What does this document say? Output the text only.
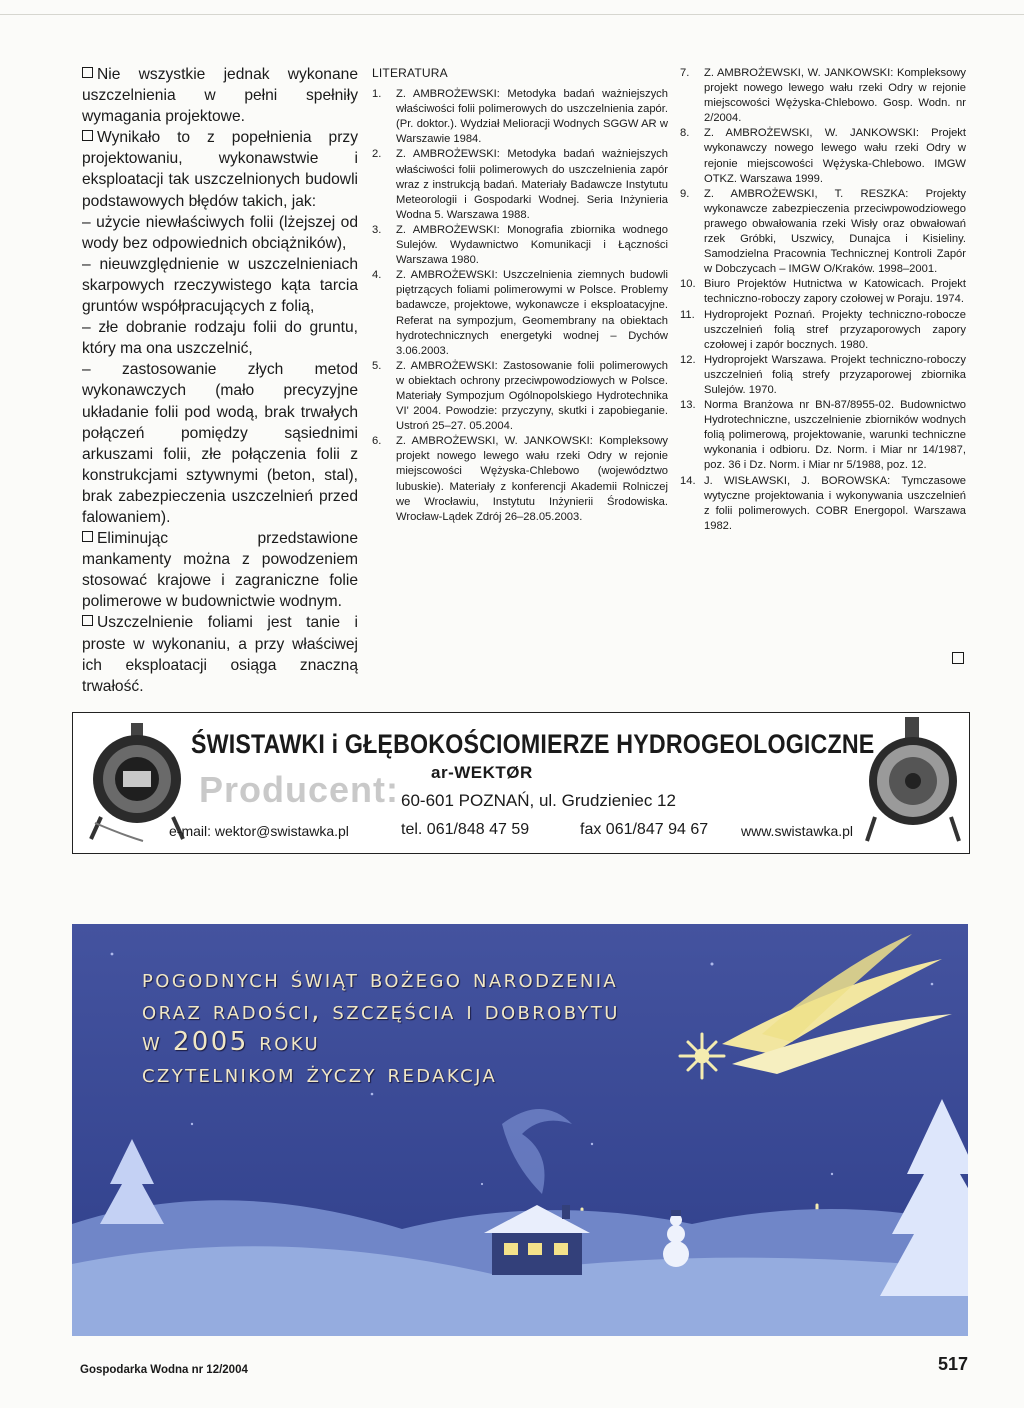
Nie wszystkie jednak wykonane uszczelnienia w pełni spełniły wymagania projektowe.

Wynikało to z popełnienia przy projektowaniu, wykonawstwie i eksploatacji tak uszczelnionych budowli podstawowych błędów takich, jak:

– użycie niewłaściwych folii (lżejszej od wody bez odpowiednich obciążników),

– nieuwzględnienie w uszczelnieniach skarpowych rzeczywistego kąta tarcia gruntów współpracujących z folią,

– złe dobranie rodzaju folii do gruntu, który ma ona uszczelnić,

– zastosowanie złych metod wykonawczych (mało precyzyjne układanie folii pod wodą, brak trwałych połączeń pomiędzy sąsiednimi arkuszami folii, złe połączenia folii z konstrukcjami sztywnymi (beton, stal), brak zabezpieczenia uszczelnień przed falowaniem).

Eliminując przedstawione mankamenty można z powodzeniem stosować krajowe i zagraniczne folie polimerowe w budownictwie wodnym.

Uszczelnienie foliami jest tanie i proste w wykonaniu, a przy właściwej ich eksploatacji osiąga znaczną trwałość.

LITERATURA
1.	Z. AMBROŻEWSKI: Metodyka badań ważniejszych właściwości folii polimerowych do uszczelnienia zapór. (Pr. doktor.). Wydział Melioracji Wodnych SGGW AR w Warszawie 1984.
2.	Z. AMBROŻEWSKI: Metodyka badań ważniejszych właściwości folii polimerowych do uszczelnienia zapór wraz z instrukcją badań. Materiały Badawcze Instytutu Meteorologii i Gospodarki Wodnej. Seria Inżynieria Wodna 5. Warszawa 1988.
3.	Z. AMBROŻEWSKI: Monografia zbiornika wodnego Sulejów. Wydawnictwo Komunikacji i Łączności Warszawa 1980.
4.	Z. AMBROŻEWSKI: Uszczelnienia ziemnych budowli piętrzących foliami polimerowymi w Polsce. Problemy badawcze, projektowe, wykonawcze i eksploatacyjne. Referat na sympozjum, Geomembrany na obiektach hydrotechnicznych energetyki wodnej – Dychów 3.06.2003.
5.	Z. AMBROŻEWSKI: Zastosowanie folii polimerowych w obiektach ochrony przeciwpowodziowych w Polsce. Materiały Sympozjum Ogólnopolskiego Hydrotechnika VI' 2004. Powodzie: przyczyny, skutki i zapobieganie. Ustroń 25–27. 05.2004.
6.	Z. AMBROŻEWSKI, W. JANKOWSKI: Kompleksowy projekt nowego lewego wału rzeki Odry w rejonie miejscowości Wężyska-Chlebowo (województwo lubuskie). Materiały z konferencji Akademii Rolniczej we Wrocławiu, Instytutu Inżynierii Środowiska. Wrocław-Lądek Zdrój 26–28.05.2003.
7.	Z. AMBROŻEWSKI, W. JANKOWSKI: Kompleksowy projekt nowego lewego wału rzeki Odry w rejonie miejscowości Wężyska-Chlebowo. Gosp. Wodn. nr 2/2004.
8.	Z. AMBROŻEWSKI, W. JANKOWSKI: Projekt wykonawczy nowego lewego wału rzeki Odry w rejonie miejscowości Wężyska-Chlebowo. IMGW OTKZ. Warszawa 1999.
9.	Z. AMBROŻEWSKI, T. RESZKA: Projekty wykonawcze zabezpieczenia przeciwpowodziowego prawego obwałowania rzeki Wisły oraz obwałowań rzek Gróbki, Uszwicy, Dunajca i Kisieliny. Samodzielna Pracownia Technicznej Kontroli Zapór w Dobczycach – IMGW O/Kraków. 1998–2001.
10. Biuro Projektów Hutnictwa w Katowicach. Projekt techniczno-roboczy zapory czołowej w Poraju. 1974.
11. Hydroprojekt Poznań. Projekty techniczno-robocze uszczelnień folią stref przyzaporowych zapory czołowej i zapór bocznych. 1980.
12. Hydroprojekt Warszawa. Projekt techniczno-roboczy uszczelnień folią strefy przyzaporowej zbiornika Sulejów. 1970.
13. Norma Branżowa nr BN-87/8955-02. Budownictwo Hydrotechniczne, uszczelnienie zbiorników wodnych folią polimerową, projektowanie, warunki techniczne wykonania i odbioru. Dz. Norm. i Miar nr 14/1987, poz. 36 i Dz. Norm. i Miar nr 5/1988, poz. 12.
14. J. WISŁAWSKI, J. BOROWSKA: Tymczasowe wytyczne projektowania i wykonywania uszczelnień z folii polimerowych. COBR Energopol. Warszawa 1982.
ŚWISTAWKI i GŁĘBOKOŚCIOMIERZE HYDROGEOLOGICZNE
Producent: ar-WEKTØR
60-601 POZNAŃ, ul. Grudzieniec 12
e-mail: wektor@swistawka.pl	tel. 061/848 47 59	fax 061/847 94 67 www.swistawka.pl
pogodnych świąt bożego narodzenia
oraz radości, szczęścia i dobrobytu
w 2005 roku
czytelnikom życzy redakcja
Gospodarka Wodna nr 12/2004	517
